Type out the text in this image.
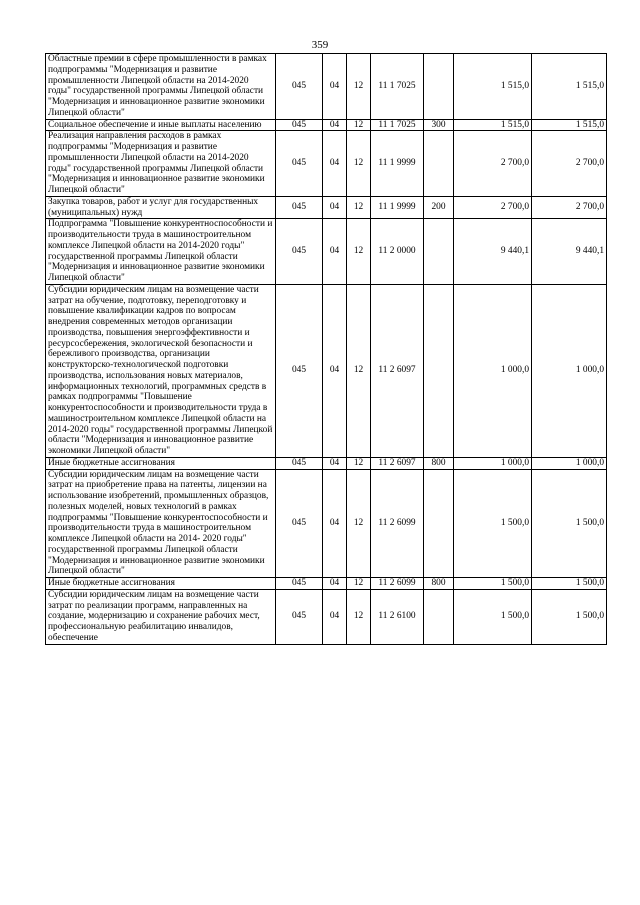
359
Областные премии в сфере промышленности в рамках подпрограммы "Модернизация и развитие промышленности Липецкой области на 2014-2020 годы" государственной программы Липецкой области "Модернизация и инновационное развитие экономики Липецкой области"	045	04	12	11 1 7025		1 515,0	1 515,0
Социальное обеспечение и иные выплаты населению	045	04	12	11 1 7025	300	1 515,0	1 515,0
Реализация направления расходов в рамках подпрограммы "Модернизация и развитие промышленности Липецкой области на 2014-2020 годы" государственной программы Липецкой области "Модернизация и инновационное развитие экономики Липецкой области"	045	04	12	11 1 9999		2 700,0	2 700,0
Закупка товаров, работ и услуг для государственных (муниципальных) нужд	045	04	12	11 1 9999	200	2 700,0	2 700,0
Подпрограмма "Повышение конкурентноспособности и производительности труда в машиностроительном комплексе Липецкой области на 2014-2020 годы" государственной программы Липецкой области "Модернизация и инновационное развитие экономики Липецкой области"	045	04	12	11 2 0000		9 440,1	9 440,1
Субсидии юридическим лицам на возмещение части затрат на обучение, подготовку, переподготовку и повышение квалификации кадров по вопросам внедрения современных методов организации производства, повышения энергоэффективности и ресурсосбережения, экологической безопасности и бережливого производства, организации конструкторско-технологической подготовки производства, использования новых материалов, информационных технологий, программных средств в рамках подпрограммы "Повышение конкурентоспособности и производительности труда в машиностроительном комплексе Липецкой области на 2014-2020 годы" государственной программы Липецкой области "Модернизация и инновационное развитие экономики Липецкой области"	045	04	12	11 2 6097		1 000,0	1 000,0
Иные бюджетные ассигнования	045	04	12	11 2 6097	800	1 000,0	1 000,0
Субсидии юридическим лицам на возмещение части затрат на приобретение права на патенты, лицензии на использование изобретений, промышленных образцов, полезных моделей, новых технологий в рамках подпрограммы "Повышение конкурентоспособности и производительности труда в машиностроительном комплексе Липецкой области на 2014- 2020 годы" государственной программы Липецкой области "Модернизация и инновационное развитие экономики Липецкой области"	045	04	12	11 2 6099		1 500,0	1 500,0
Иные бюджетные ассигнования	045	04	12	11 2 6099	800	1 500,0	1 500,0
Субсидии юридическим лицам на возмещение части затрат по реализации программ, направленных на создание, модернизацию и сохранение рабочих мест, профессиональную реабилитацию инвалидов, обеспечение	045	04	12	11 2 6100		1 500,0	1 500,0
